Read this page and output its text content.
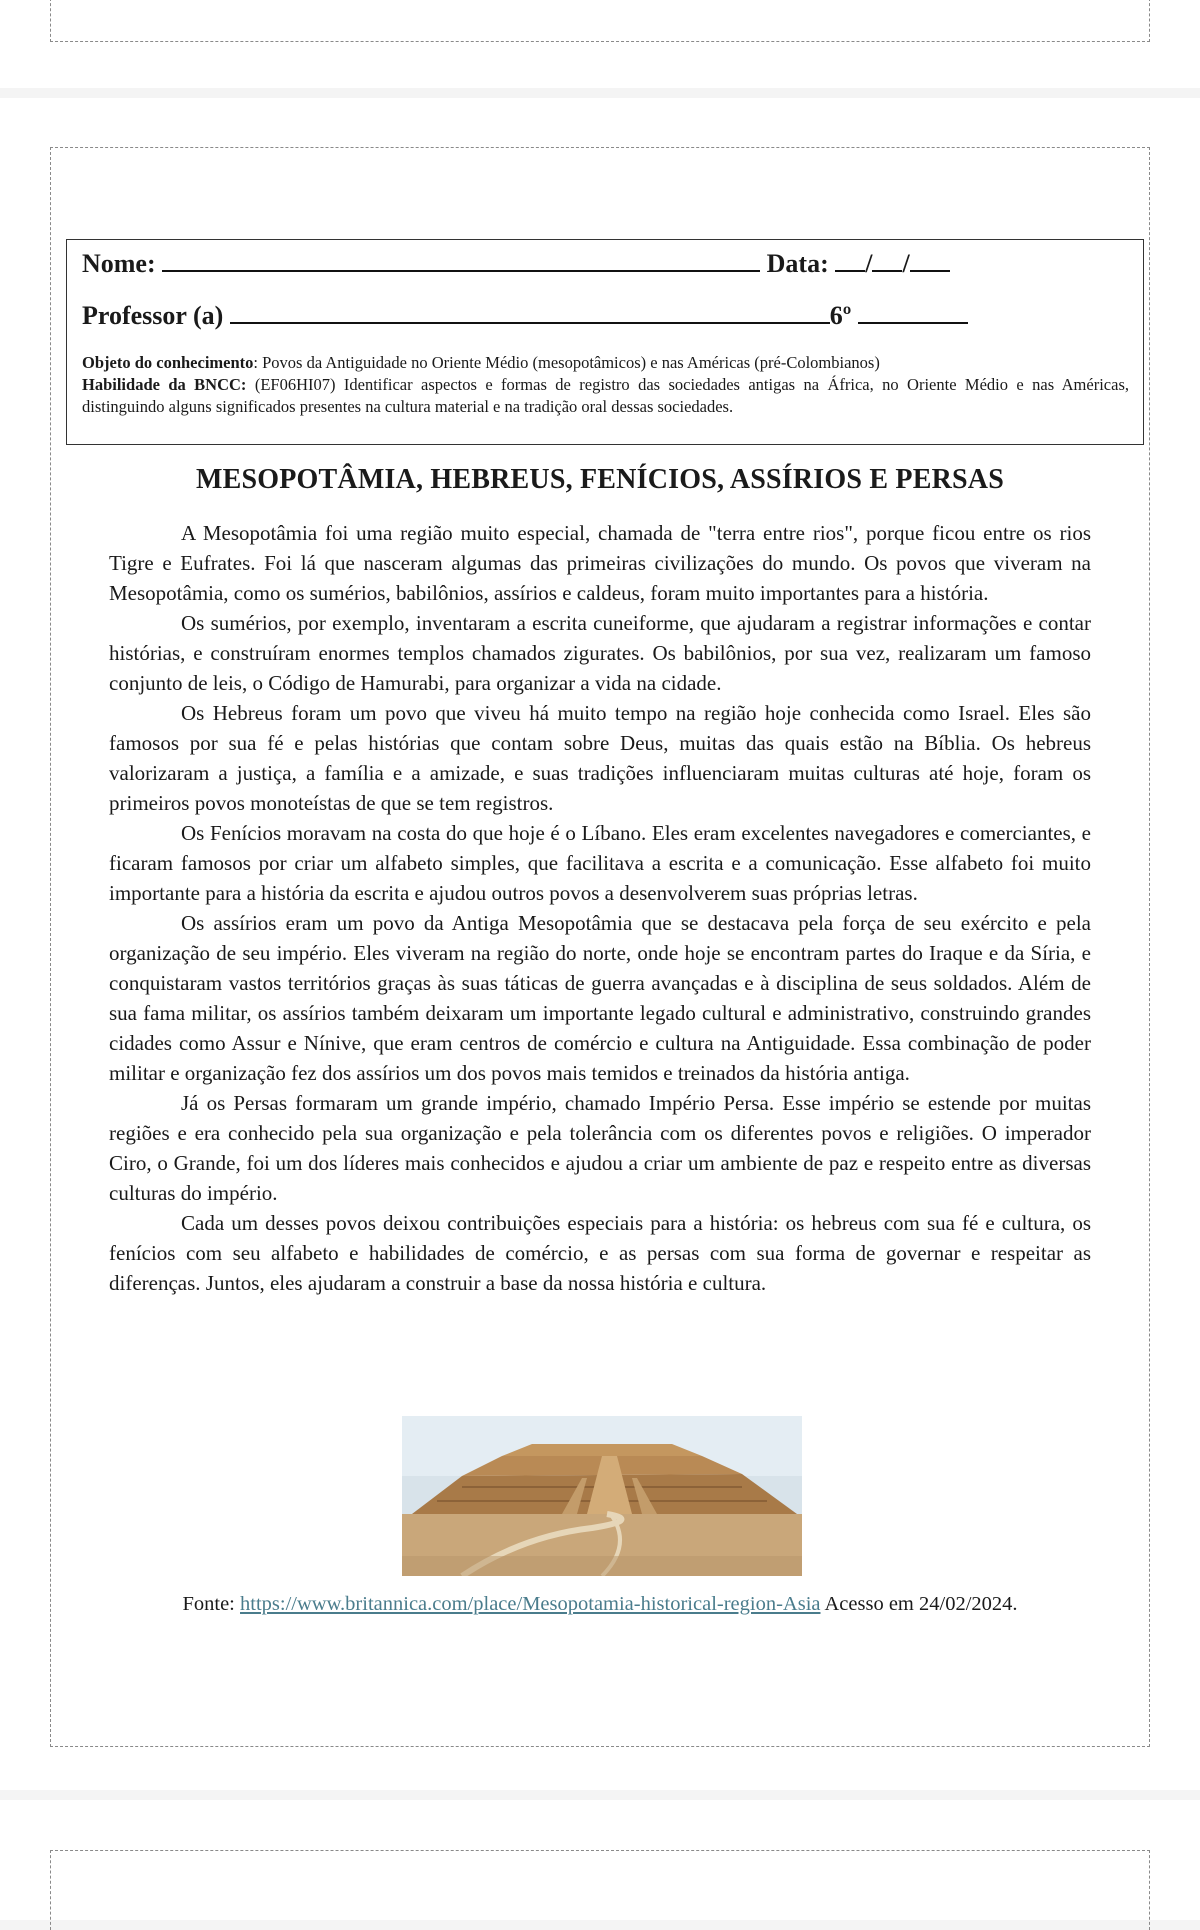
Nome:	Data: / /
Professor (a)	6º
Objeto do conhecimento: Povos da Antiguidade no Oriente Médio (mesopotâmicos) e nas Américas (pré-Colombianos)
Habilidade da BNCC: (EF06HI07) Identificar aspectos e formas de registro das sociedades antigas na África, no Oriente Médio e nas Américas, distinguindo alguns significados presentes na cultura material e na tradição oral dessas sociedades.
MESOPOTÂMIA, HEBREUS, FENÍCIOS, ASSÍRIOS E PERSAS

A Mesopotâmia foi uma região muito especial, chamada de "terra entre rios", porque ficou entre os rios Tigre e Eufrates. Foi lá que nasceram algumas das primeiras civilizações do mundo. Os povos que viveram na Mesopotâmia, como os sumérios, babilônios, assírios e caldeus, foram muito importantes para a história.

Os sumérios, por exemplo, inventaram a escrita cuneiforme, que ajudaram a registrar informações e contar histórias, e construíram enormes templos chamados zigurates. Os babilônios, por sua vez, realizaram um famoso conjunto de leis, o Código de Hamurabi, para organizar a vida na cidade.

Os Hebreus foram um povo que viveu há muito tempo na região hoje conhecida como Israel. Eles são famosos por sua fé e pelas histórias que contam sobre Deus, muitas das quais estão na Bíblia. Os hebreus valorizaram a justiça, a família e a amizade, e suas tradições influenciaram muitas culturas até hoje, foram os primeiros povos monoteístas de que se tem registros.

Os Fenícios moravam na costa do que hoje é o Líbano. Eles eram excelentes navegadores e comerciantes, e ficaram famosos por criar um alfabeto simples, que facilitava a escrita e a comunicação. Esse alfabeto foi muito importante para a história da escrita e ajudou outros povos a desenvolverem suas próprias letras.

Os assírios eram um povo da Antiga Mesopotâmia que se destacava pela força de seu exército e pela organização de seu império. Eles viveram na região do norte, onde hoje se encontram partes do Iraque e da Síria, e conquistaram vastos territórios graças às suas táticas de guerra avançadas e à disciplina de seus soldados. Além de sua fama militar, os assírios também deixaram um importante legado cultural e administrativo, construindo grandes cidades como Assur e Nínive, que eram centros de comércio e cultura na Antiguidade. Essa combinação de poder militar e organização fez dos assírios um dos povos mais temidos e treinados da história antiga.

Já os Persas formaram um grande império, chamado Império Persa. Esse império se estende por muitas regiões e era conhecido pela sua organização e pela tolerância com os diferentes povos e religiões. O imperador Ciro, o Grande, foi um dos líderes mais conhecidos e ajudou a criar um ambiente de paz e respeito entre as diversas culturas do império.

Cada um desses povos deixou contribuições especiais para a história: os hebreus com sua fé e cultura, os fenícios com seu alfabeto e habilidades de comércio, e as persas com sua forma de governar e respeitar as diferenças. Juntos, eles ajudaram a construir a base da nossa história e cultura.

Fonte: https://www.britannica.com/place/Mesopotamia-historical-region-Asia Acesso em 24/02/2024.
